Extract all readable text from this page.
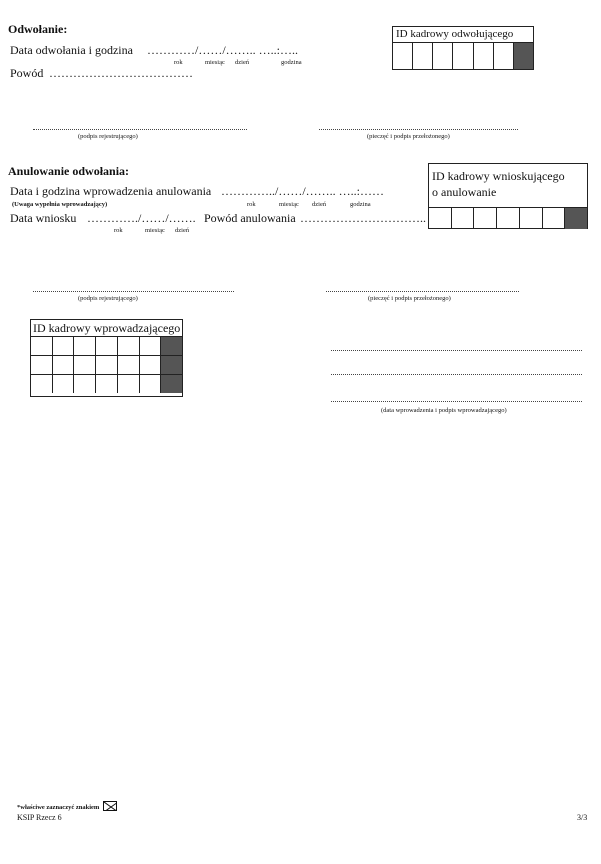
Odwołanie:
Data odwołania i godzina …………/……/…….. …..:…..
rok	miesiąc dzień	godzina
Powód ………………………………
ID kadrowy odwołującego
(podpis rejestrującego)	(pieczęć i podpis przełożonego)
Anulowanie odwołania:
Data i godzina wprowadzenia anulowania …………../……/…….. …..:……
(Uwaga wypełnia wprowadzający)	rok	miesiąc dzień	godzina
Data wniosku …………./……/……. Powód anulowania …………………………..
rok	miesiąc dzień
ID kadrowy wnioskującego
o anulowanie
(podpis rejestrującego)	(pieczęć i podpis przełożonego)
ID kadrowy wprowadzającego
(data wprowadzenia i podpis wprowadzającego)
*właściwe zaznaczyć znakiem
KSIP Rzecz 6	3/3
